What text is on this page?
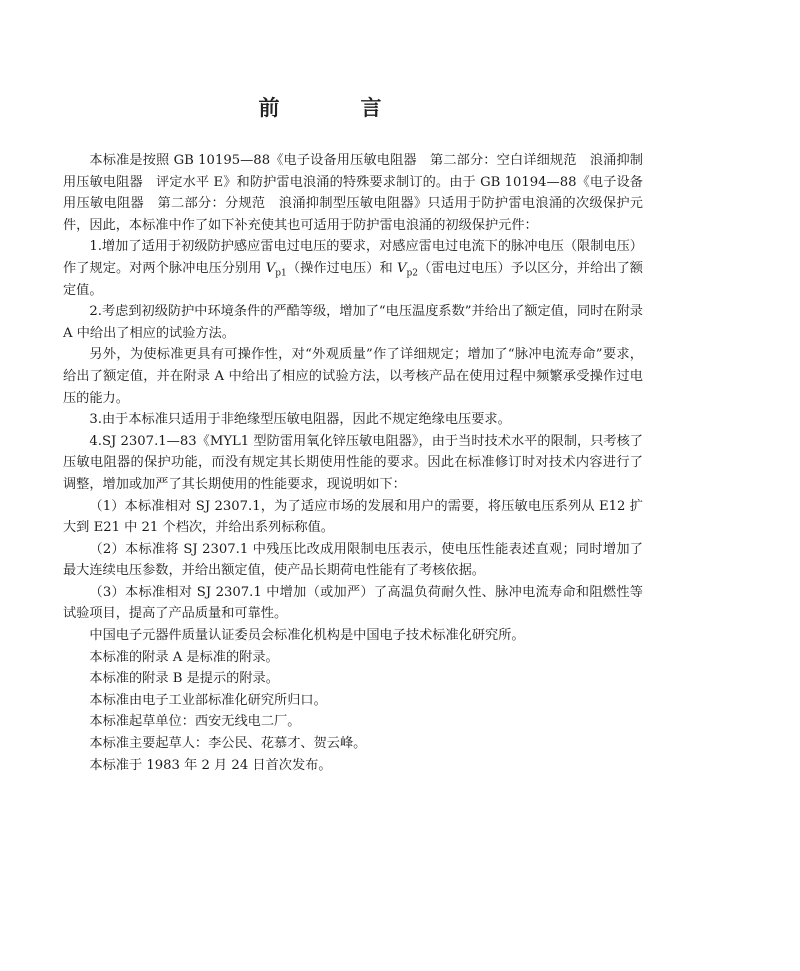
前　言

本标准是按照 GB 10195—88《电子设备用压敏电阻器　第二部分：空白详细规范　浪涌抑制用压敏电阻器　评定水平 E》和防护雷电浪涌的特殊要求制订的。由于 GB 10194—88《电子设备用压敏电阻器　第二部分：分规范　浪涌抑制型压敏电阻器》只适用于防护雷电浪涌的次级保护元件，因此，本标准中作了如下补充使其也可适用于防护雷电浪涌的初级保护元件：

1.增加了适用于初级防护感应雷电过电压的要求，对感应雷电过电流下的脉冲电压（限制电压）作了规定。对两个脉冲电压分别用 $V_{p1}$（操作过电压）和 $V_{p2}$（雷电过电压）予以区分，并给出了额定值。

2.考虑到初级防护中环境条件的严酷等级，增加了“电压温度系数”并给出了额定值，同时在附录 A 中给出了相应的试验方法。

另外，为使标准更具有可操作性，对“外观质量”作了详细规定；增加了“脉冲电流寿命”要求，给出了额定值，并在附录 A 中给出了相应的试验方法，以考核产品在使用过程中频繁承受操作过电压的能力。

3.由于本标准只适用于非绝缘型压敏电阻器，因此不规定绝缘电压要求。

4.SJ 2307.1—83《MYL1 型防雷用氧化锌压敏电阻器》，由于当时技术水平的限制，只考核了压敏电阻器的保护功能，而没有规定其长期使用性能的要求。因此在标准修订时对技术内容进行了调整，增加或加严了其长期使用的性能要求，现说明如下：

（1）本标准相对 SJ 2307.1，为了适应市场的发展和用户的需要，将压敏电压系列从 E12 扩大到 E21 中 21 个档次，并给出系列标称值。

（2）本标准将 SJ 2307.1 中残压比改成用限制电压表示，使电压性能表述直观；同时增加了最大连续电压参数，并给出额定值，使产品长期荷电性能有了考核依据。

（3）本标准相对 SJ 2307.1 中增加（或加严）了高温负荷耐久性、脉冲电流寿命和阻燃性等试验项目，提高了产品质量和可靠性。

中国电子元器件质量认证委员会标准化机构是中国电子技术标准化研究所。

本标准的附录 A 是标准的附录。

本标准的附录 B 是提示的附录。

本标准由电子工业部标准化研究所归口。

本标准起草单位：西安无线电二厂。

本标准主要起草人：李公民、花慕才、贺云峰。

本标准于 1983 年 2 月 24 日首次发布。
